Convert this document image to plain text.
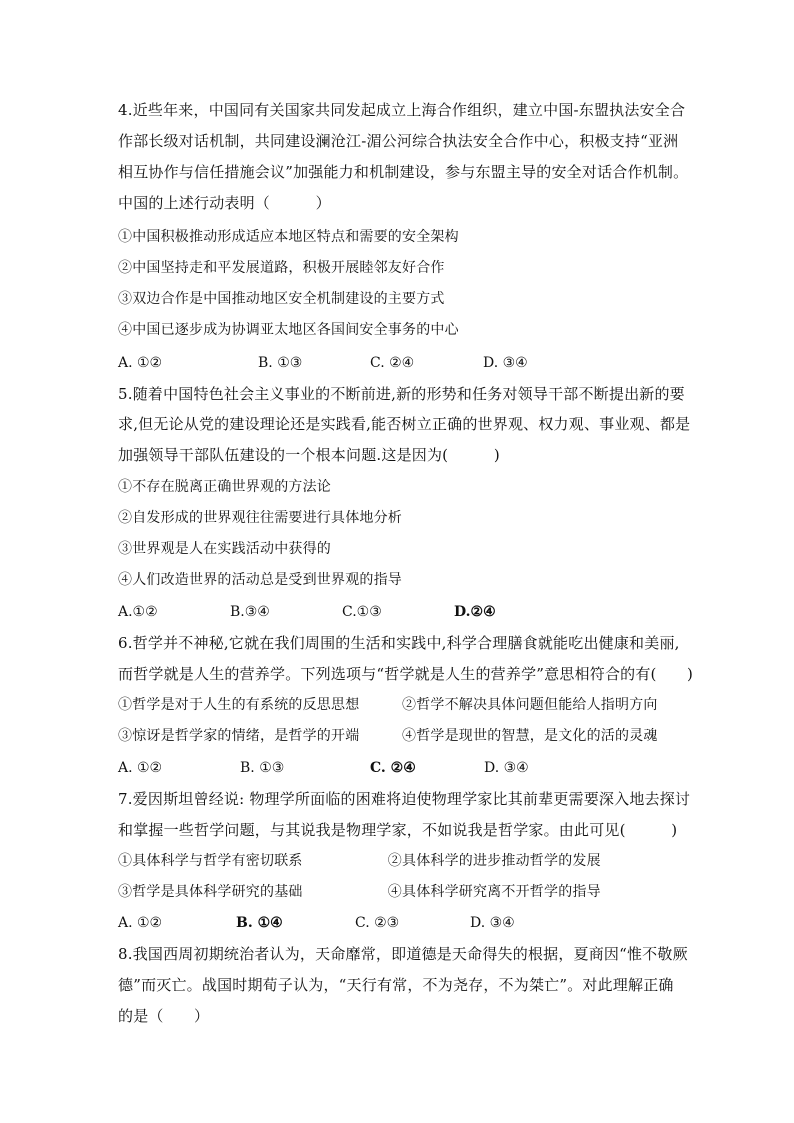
4.近些年来，中国同有关国家共同发起成立上海合作组织，建立中国-东盟执法安全合
作部长级对话机制，共同建设澜沧江-湄公河综合执法安全合作中心，积极支持“亚洲
相互协作与信任措施会议”加强能力和机制建设，参与东盟主导的安全对话合作机制。
中国的上述行动表明（　　　）
①中国积极推动形成适应本地区特点和需要的安全架构
②中国坚持走和平发展道路，积极开展睦邻友好合作
③双边合作是中国推动地区安全机制建设的主要方式
④中国已逐步成为协调亚太地区各国间安全事务的中心
A. ①②	B. ①③	C. ②④	D. ③④
5.随着中国特色社会主义事业的不断前进,新的形势和任务对领导干部不断提出新的要
求,但无论从党的建设理论还是实践看,能否树立正确的世界观、权力观、事业观、都是
加强领导干部队伍建设的一个根本问题.这是因为(　　　)
①不存在脱离正确世界观的方法论
②自发形成的世界观往往需要进行具体地分析
③世界观是人在实践活动中获得的
④人们改造世界的活动总是受到世界观的指导
A.①②	B.③④	C.①③	D.②④
6.哲学并不神秘,它就在我们周围的生活和实践中,科学合理膳食就能吃出健康和美丽,
而哲学就是人生的营养学。下列选项与“哲学就是人生的营养学”意思相符合的有(　　)
①哲学是对于人生的有系统的反思思想　　　②哲学不解决具体问题但能给人指明方向
③惊讶是哲学家的情绪，是哲学的开端　　　④哲学是现世的智慧，是文化的活的灵魂
A. ①②	B. ①③	C. ②④	D. ③④
7.爱因斯坦曾经说: 物理学所面临的困难将迫使物理学家比其前辈更需要深入地去探讨
和掌握一些哲学问题，与其说我是物理学家，不如说我是哲学家。由此可见(　　　)
①具体科学与哲学有密切联系　　　　　　②具体科学的进步推动哲学的发展
③哲学是具体科学研究的基础　　　　　　④具体科学研究离不开哲学的指导
A. ①②	B. ①④	C. ②③	D. ③④
8.我国西周初期统治者认为，天命靡常，即道德是天命得失的根据，夏商因“惟不敬厥
德”而灭亡。战国时期荀子认为，“天行有常，不为尧存，不为桀亡”。对此理解正确
的是（　　）
